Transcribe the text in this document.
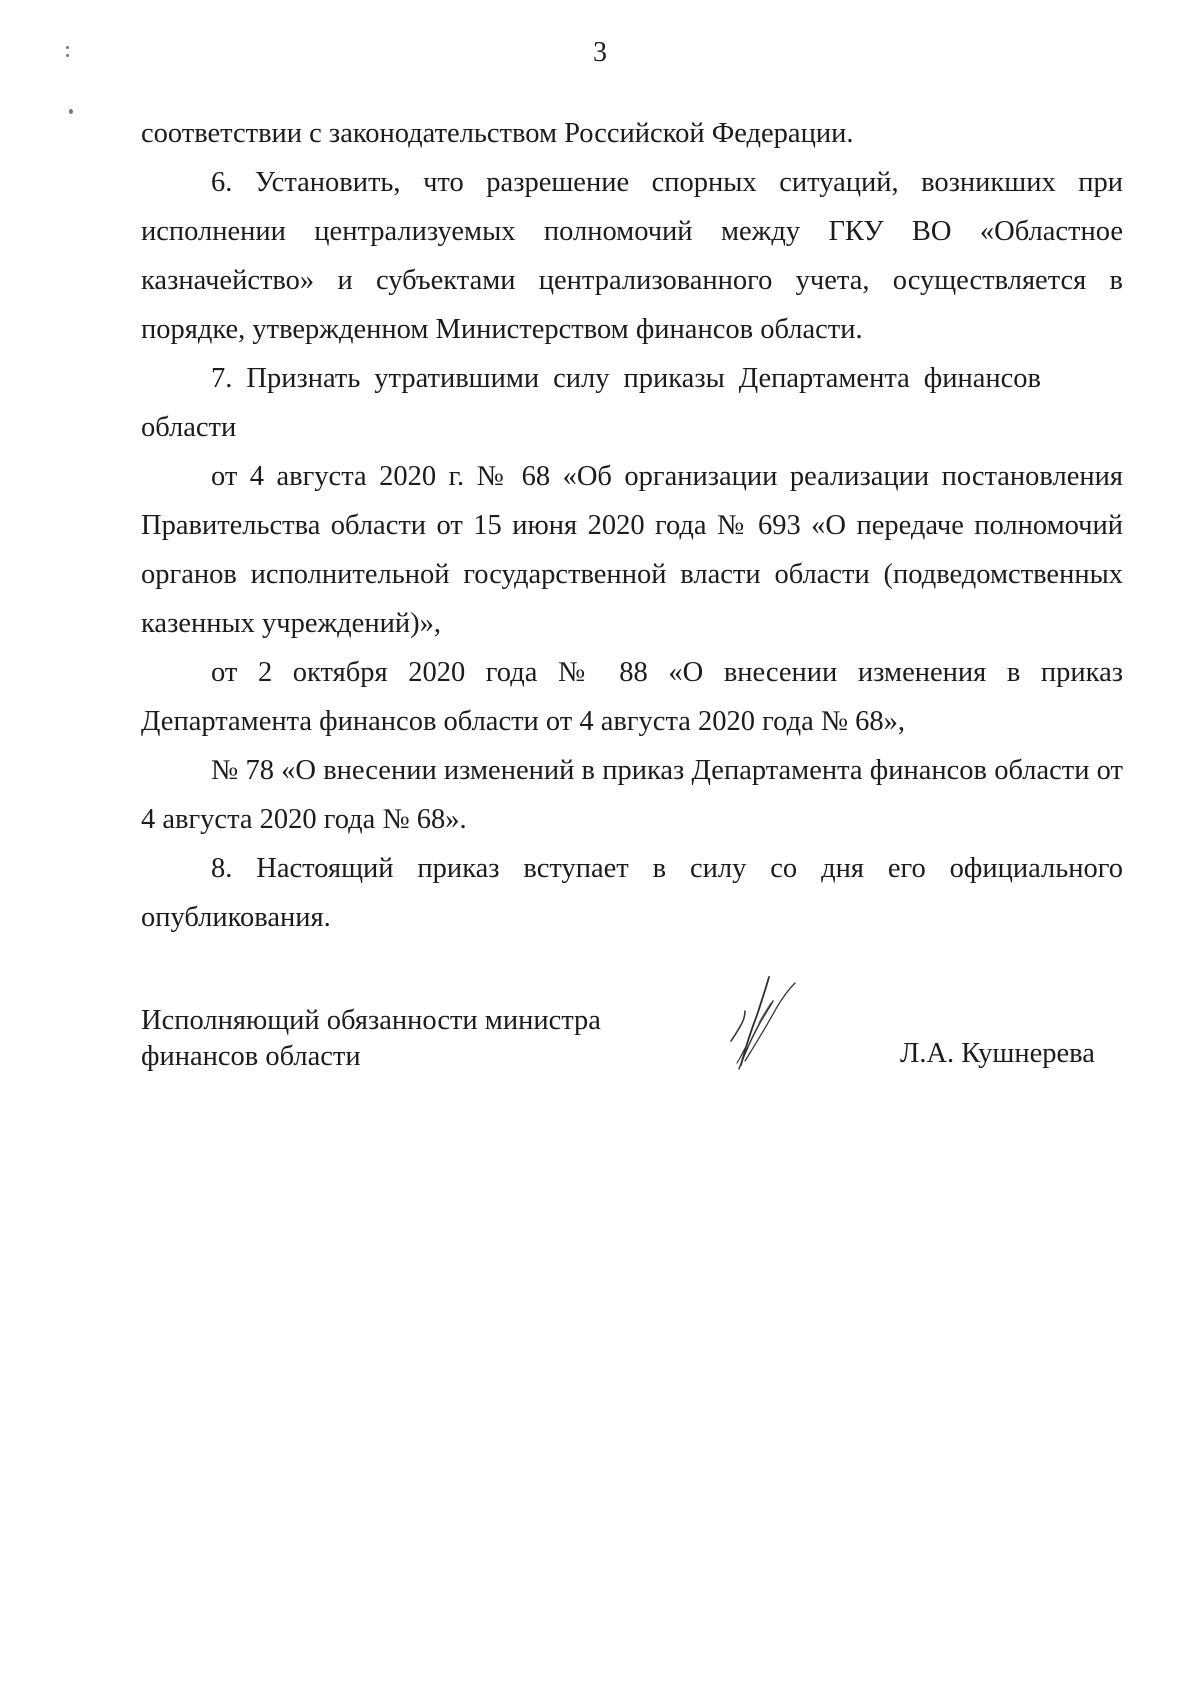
3

соответствии с законодательством Российской Федерации.

6. Установить, что разрешение спорных ситуаций, возникших при исполнении централизуемых полномочий между ГКУ ВО «Областное казначейство» и субъектами централизованного учета, осуществляется в порядке, утвержденном Министерством финансов области.

7. Признать утратившими силу приказы Департамента финансов области

от 4 августа 2020 г. № 68 «Об организации реализации постановления Правительства области от 15 июня 2020 года № 693 «О передаче полномочий органов исполнительной государственной власти области (подведомственных казенных учреждений)»,

от 2 октября 2020 года № 88 «О внесении изменения в приказ Департамента финансов области от 4 августа 2020 года № 68»,

№ 78 «О внесении изменений в приказ Департамента финансов области от 4 августа 2020 года № 68».

8. Настоящий приказ вступает в силу со дня его официального опубликования.

Исполняющий обязанности министра
финансов области	Л.А. Кушнерева
